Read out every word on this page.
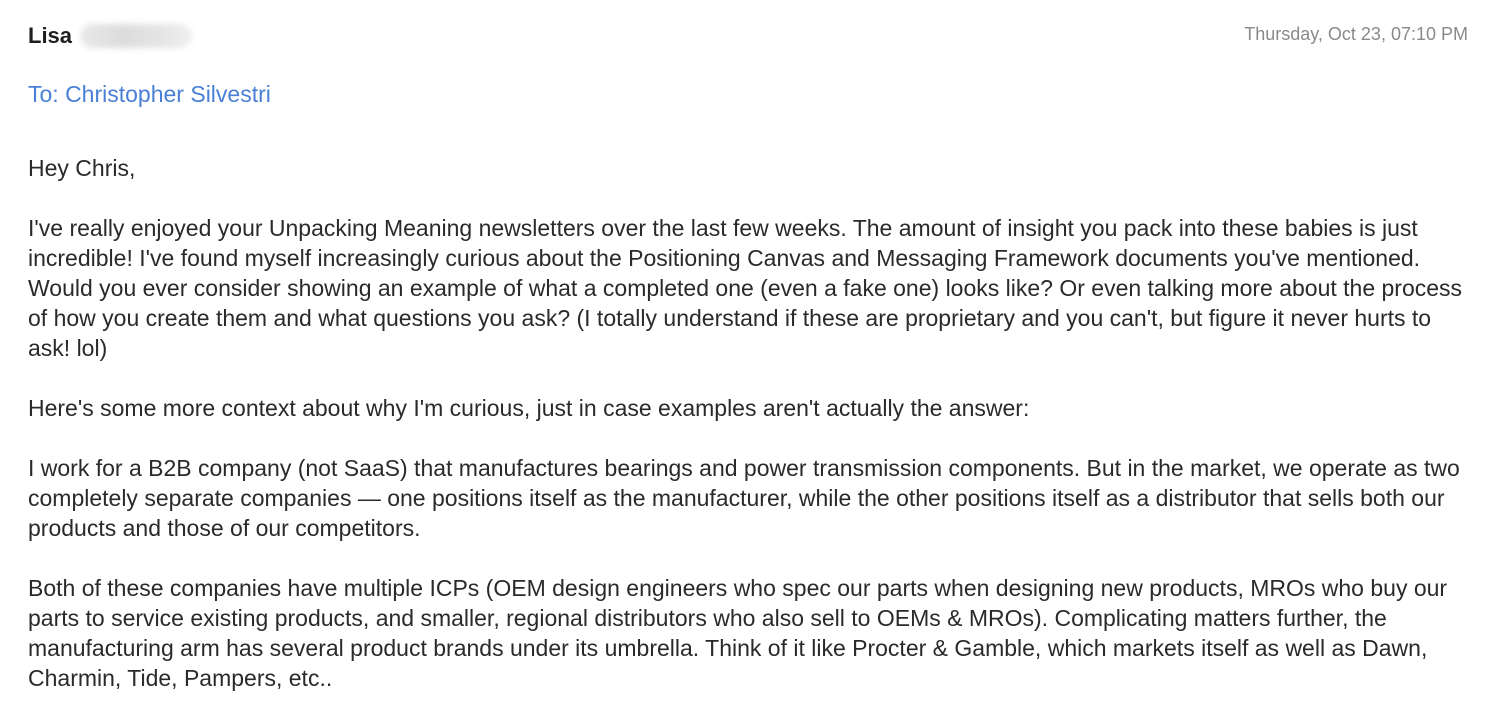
Lisa	Thursday, Oct 23, 07:10 PM
To: Christopher Silvestri

Hey Chris,

I've really enjoyed your Unpacking Meaning newsletters over the last few weeks. The amount of insight you pack into these babies is just incredible! I've found myself increasingly curious about the Positioning Canvas and Messaging Framework documents you've mentioned. Would you ever consider showing an example of what a completed one (even a fake one) looks like? Or even talking more about the process of how you create them and what questions you ask? (I totally understand if these are proprietary and you can't, but figure it never hurts to ask! lol)

Here's some more context about why I'm curious, just in case examples aren't actually the answer:

I work for a B2B company (not SaaS) that manufactures bearings and power transmission components. But in the market, we operate as two completely separate companies — one positions itself as the manufacturer, while the other positions itself as a distributor that sells both our products and those of our competitors.

Both of these companies have multiple ICPs (OEM design engineers who spec our parts when designing new products, MROs who buy our parts to service existing products, and smaller, regional distributors who also sell to OEMs & MROs). Complicating matters further, the manufacturing arm has several product brands under its umbrella. Think of it like Procter & Gamble, which markets itself as well as Dawn, Charmin, Tide, Pampers, etc..
